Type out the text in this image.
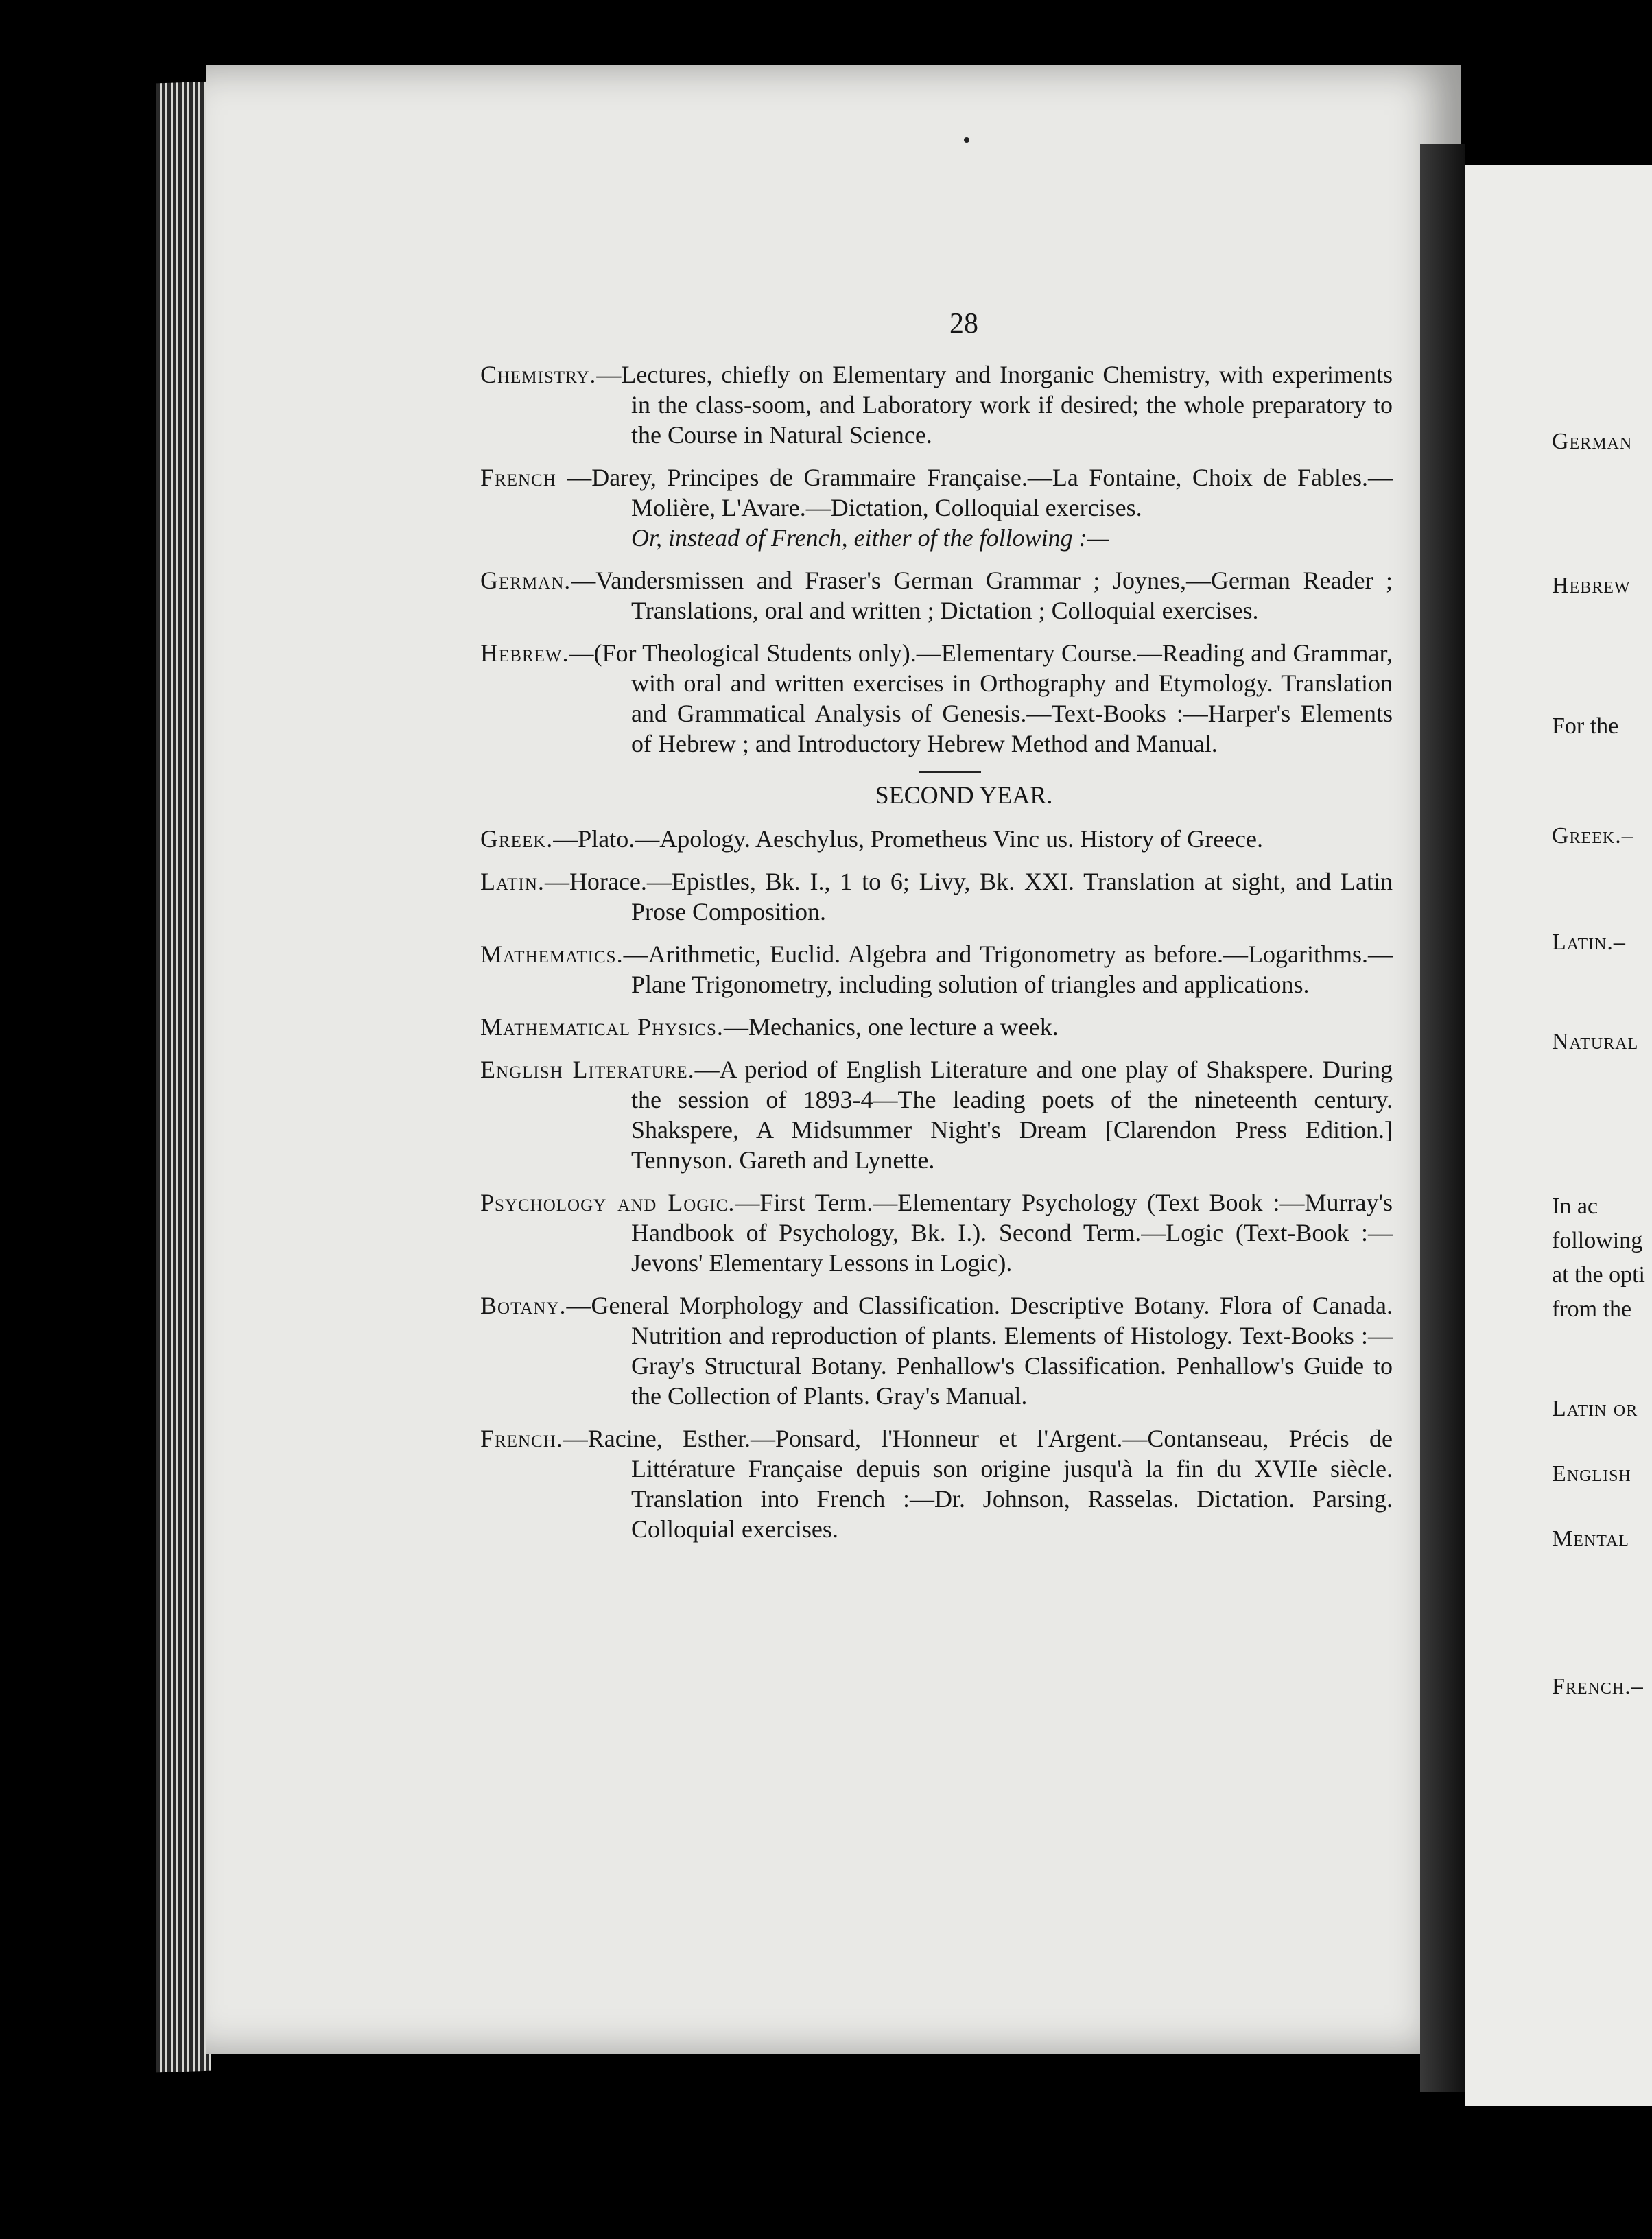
28

Chemistry.—Lectures, chiefly on Elementary and Inorganic Chemistry, with experiments in the class-soom, and Laboratory work if desired; the whole preparatory to the Course in Natural Science.

French —Darey, Principes de Grammaire Française.—La Fontaine, Choix de Fables.—Molière, L'Avare.—Dictation, Colloquial exercises.
Or, instead of French, either of the following :—

German.—Vandersmissen and Fraser's German Grammar ; Joynes,—German Reader ; Translations, oral and written ; Dictation ; Colloquial exercises.

Hebrew.—(For Theological Students only).—Elementary Course.—Reading and Grammar, with oral and written exercises in Orthography and Etymology. Translation and Grammatical Analysis of Genesis.—Text-Books :—Harper's Elements of Hebrew ; and Introductory Hebrew Method and Manual.

SECOND YEAR.

Greek.—Plato.—Apology. Aeschylus, Prometheus Vinc us. History of Greece.

Latin.—Horace.—Epistles, Bk. I., 1 to 6; Livy, Bk. XXI. Translation at sight, and Latin Prose Composition.

Mathematics.—Arithmetic, Euclid. Algebra and Trigonometry as before.—Logarithms.—Plane Trigonometry, including solution of triangles and applications.

Mathematical Physics.—Mechanics, one lecture a week.

English Literature.—A period of English Literature and one play of Shakspere. During the session of 1893-4—The leading poets of the nineteenth century. Shakspere, A Midsummer Night's Dream [Clarendon Press Edition.] Tennyson. Gareth and Lynette.

Psychology and Logic.—First Term.—Elementary Psychology (Text Book :—Murray's Handbook of Psychology, Bk. I.). Second Term.—Logic (Text-Book :—Jevons' Elementary Lessons in Logic).

Botany.—General Morphology and Classification. Descriptive Botany. Flora of Canada. Nutrition and reproduction of plants. Elements of Histology. Text-Books :—Gray's Structural Botany. Penhallow's Classification. Penhallow's Guide to the Collection of Plants. Gray's Manual.

French.—Racine, Esther.—Ponsard, l'Honneur et l'Argent.—Contanseau, Précis de Littérature Française depuis son origine jusqu'à la fin du XVIIe siècle. Translation into French :—Dr. Johnson, Rasselas. Dictation. Parsing. Colloquial exercises.

German
Hebrew
For the
Greek.–
Latin.–
Natural
In ac
following
at the opti
from the
Latin or
English
Mental
French.–
